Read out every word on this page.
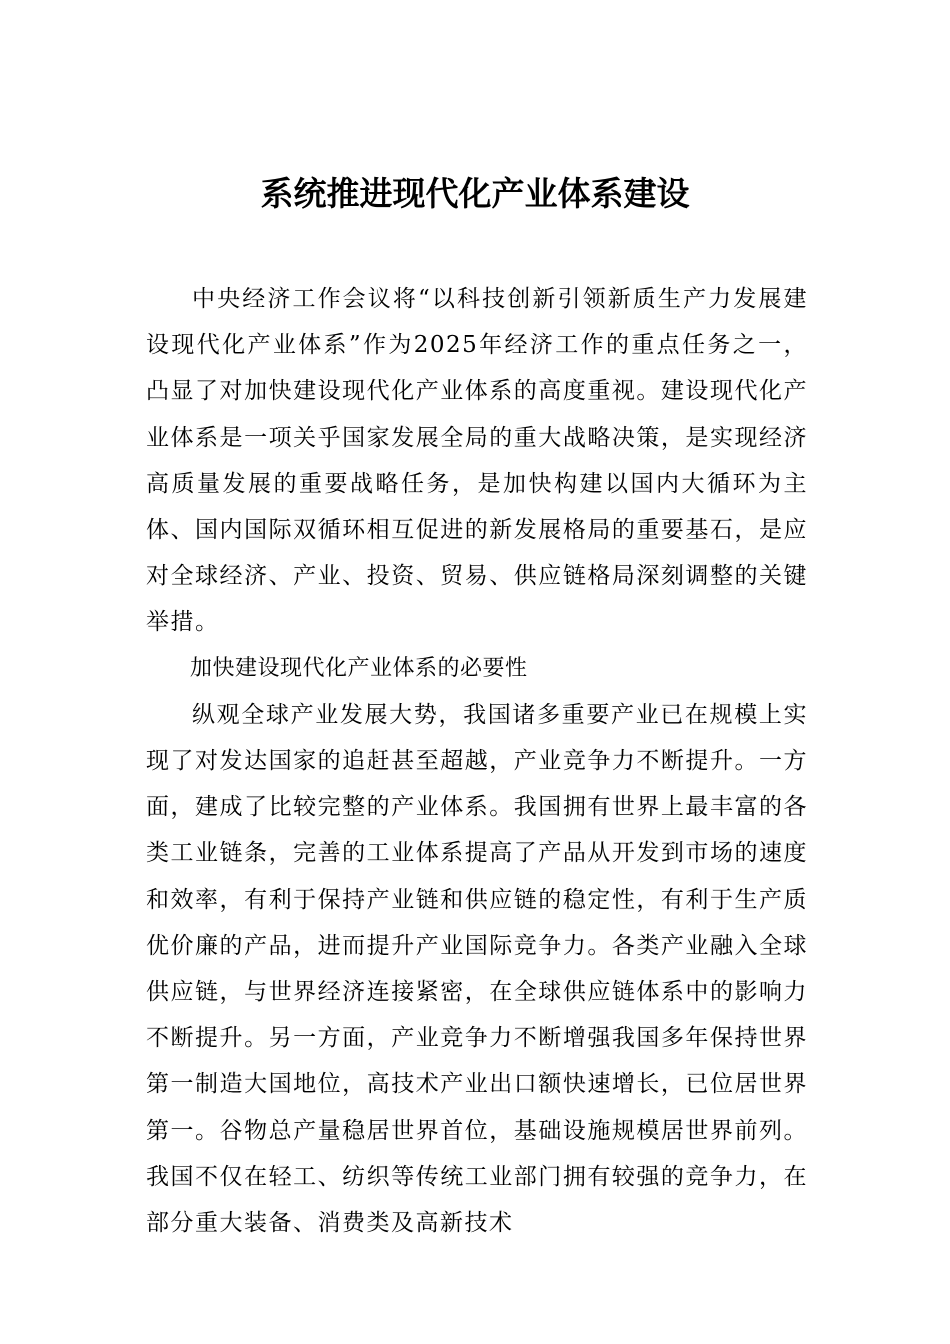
系统推进现代化产业体系建设

中央经济工作会议将“以科技创新引领新质生产力发展建设现代化产业体系”作为2025年经济工作的重点任务之一，凸显了对加快建设现代化产业体系的高度重视。建设现代化产业体系是一项关乎国家发展全局的重大战略决策，是实现经济高质量发展的重要战略任务，是加快构建以国内大循环为主体、国内国际双循环相互促进的新发展格局的重要基石，是应对全球经济、产业、投资、贸易、供应链格局深刻调整的关键举措。

加快建设现代化产业体系的必要性

纵观全球产业发展大势，我国诸多重要产业已在规模上实现了对发达国家的追赶甚至超越，产业竞争力不断提升。一方面，建成了比较完整的产业体系。我国拥有世界上最丰富的各类工业链条，完善的工业体系提高了产品从开发到市场的速度和效率，有利于保持产业链和供应链的稳定性，有利于生产质优价廉的产品，进而提升产业国际竞争力。各类产业融入全球供应链，与世界经济连接紧密，在全球供应链体系中的影响力不断提升。另一方面，产业竞争力不断增强我国多年保持世界第一制造大国地位，高技术产业出口额快速增长，已位居世界第一。谷物总产量稳居世界首位，基础设施规模居世界前列。我国不仅在轻工、纺织等传统工业部门拥有较强的竞争力，在部分重大装备、消费类及高新技术
